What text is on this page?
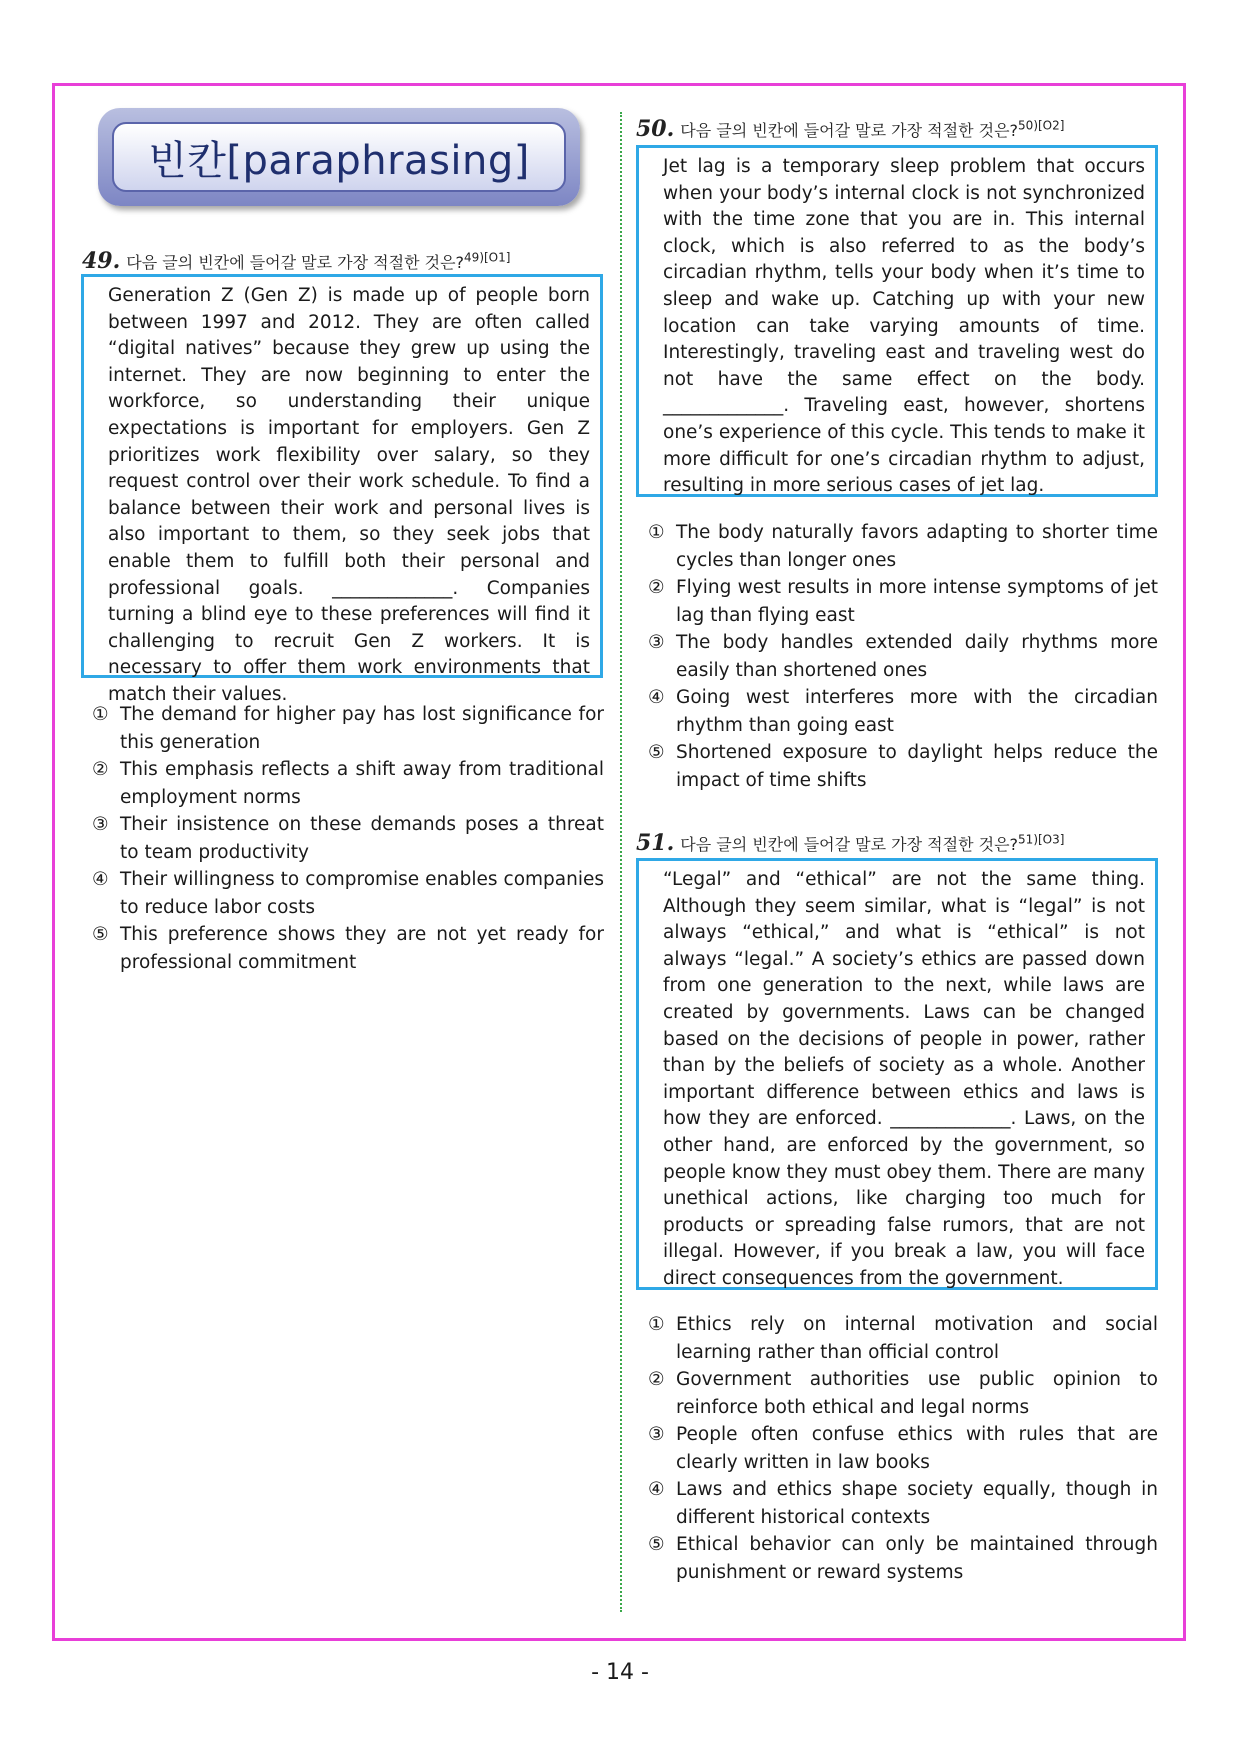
빈칸[paraphrasing]
49. 다음 글의 빈칸에 들어갈 말로 가장 적절한 것은?$^{49)[O1]}$
Generation Z (Gen Z) is made up of people born between 1997 and 2012. They are often called “digital natives” because they grew up using the internet. They are now beginning to enter the workforce, so understanding their unique expectations is important for employers. Gen Z prioritizes work flexibility over salary, so they request control over their work schedule. To find a balance between their work and personal lives is also important to them, so they seek jobs that enable them to fulfill both their personal and professional goals. _____________. Companies turning a blind eye to these preferences will find it challenging to recruit Gen Z workers. It is necessary to offer them work environments that match their values.
① The demand for higher pay has lost significance for this generation
② This emphasis reflects a shift away from traditional employment norms
③ Their insistence on these demands poses a threat to team productivity
④ Their willingness to compromise enables companies to reduce labor costs
⑤ This preference shows they are not yet ready for professional commitment
50. 다음 글의 빈칸에 들어갈 말로 가장 적절한 것은?$^{50)[O2]}$
Jet lag is a temporary sleep problem that occurs when your body’s internal clock is not synchronized with the time zone that you are in. This internal clock, which is also referred to as the body’s circadian rhythm, tells your body when it’s time to sleep and wake up. Catching up with your new location can take varying amounts of time. Interestingly, traveling east and traveling west do not have the same effect on the body. _____________. Traveling east, however, shortens one’s experience of this cycle. This tends to make it more difficult for one’s circadian rhythm to adjust, resulting in more serious cases of jet lag.
① The body naturally favors adapting to shorter time cycles than longer ones
② Flying west results in more intense symptoms of jet lag than flying east
③ The body handles extended daily rhythms more easily than shortened ones
④ Going west interferes more with the circadian rhythm than going east
⑤ Shortened exposure to daylight helps reduce the impact of time shifts
51. 다음 글의 빈칸에 들어갈 말로 가장 적절한 것은?$^{51)[O3]}$
“Legal” and “ethical” are not the same thing. Although they seem similar, what is “legal” is not always “ethical,” and what is “ethical” is not always “legal.” A society’s ethics are passed down from one generation to the next, while laws are created by governments. Laws can be changed based on the decisions of people in power, rather than by the beliefs of society as a whole. Another important difference between ethics and laws is how they are enforced. _____________. Laws, on the other hand, are enforced by the government, so people know they must obey them. There are many unethical actions, like charging too much for products or spreading false rumors, that are not illegal. However, if you break a law, you will face direct consequences from the government.
① Ethics rely on internal motivation and social learning rather than official control
② Government authorities use public opinion to reinforce both ethical and legal norms
③ People often confuse ethics with rules that are clearly written in law books
④ Laws and ethics shape society equally, though in different historical contexts
⑤ Ethical behavior can only be maintained through punishment or reward systems
- 14 -
